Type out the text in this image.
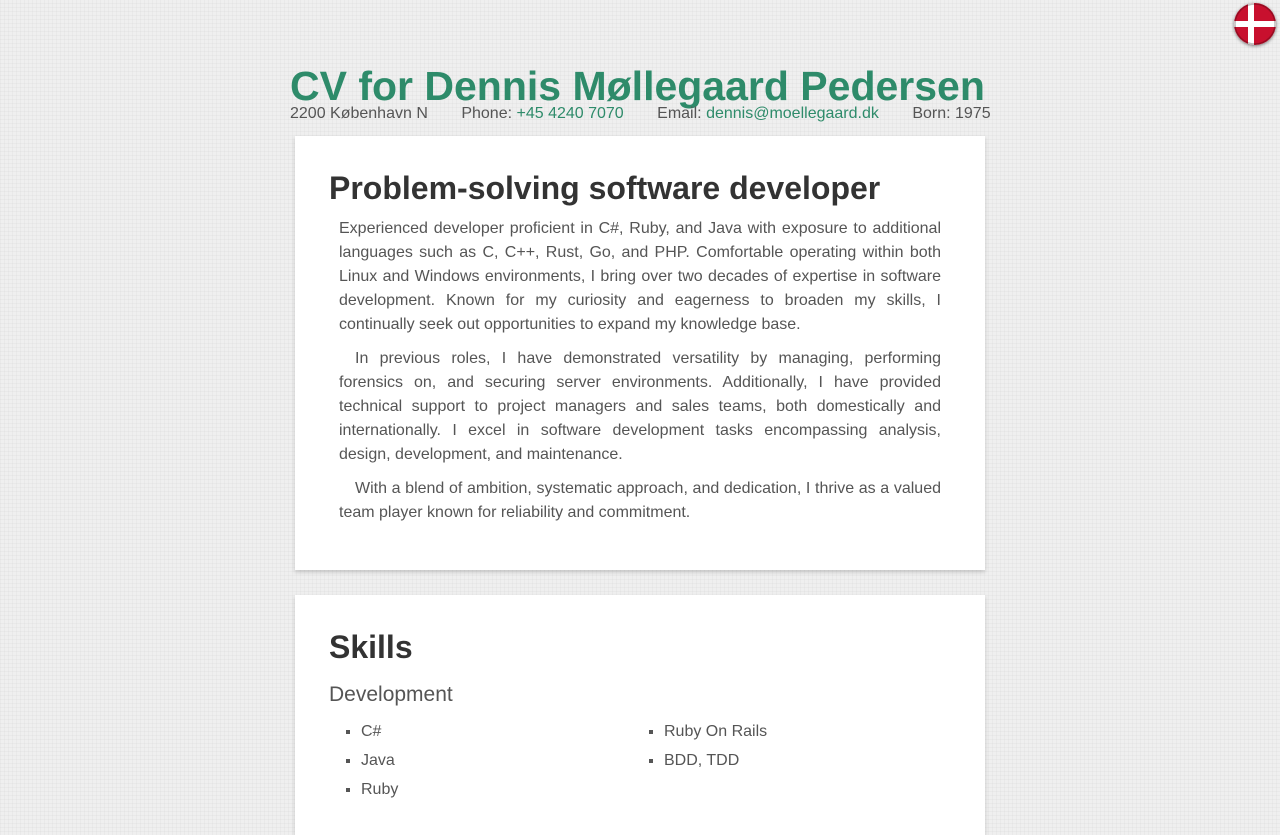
CV for Dennis Møllegaard Pedersen
2200 København N Phone: +45 4240 7070 Email: dennis@moellegaard.dk Born: 1975
Problem-solving software developer

Experienced developer proficient in C#, Ruby, and Java with exposure to additional languages such as C, C++, Rust, Go, and PHP. Comfortable operating within both Linux and Windows environments, I bring over two decades of expertise in software development. Known for my curiosity and eagerness to broaden my skills, I continually seek out opportunities to expand my knowledge base.

In previous roles, I have demonstrated versatility by managing, performing forensics on, and securing server environments. Additionally, I have provided technical support to project managers and sales teams, both domestically and internationally. I excel in software development tasks encompassing analysis, design, development, and maintenance.

With a blend of ambition, systematic approach, and dedication, I thrive as a valued team player known for reliability and commitment.

Skills
Development
▪ C#
▪ Java
▪ Ruby
▪ Ruby On Rails
▪ BDD, TDD
